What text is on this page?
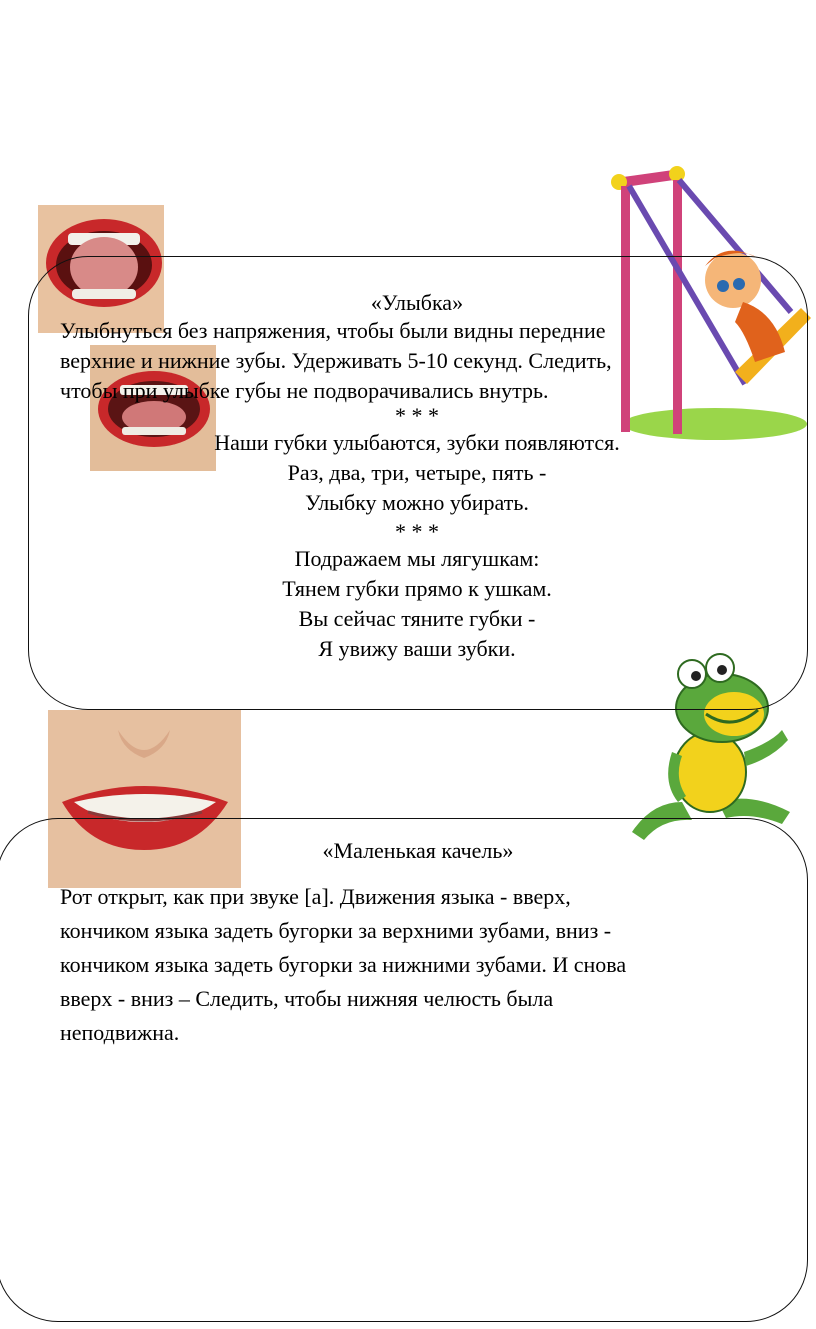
«Улыбка»
Улыбнуться без напряжения, чтобы были видны передние
верхние и нижние зубы. Удерживать 5-10 секунд. Следить,
чтобы при улыбке губы не подворачивались внутрь.
* * *
Наши губки улыбаются, зубки появляются.
Раз, два, три, четыре, пять -
Улыбку можно убирать.
* * *
Подражаем мы лягушкам:
Тянем губки прямо к ушкам.
Вы сейчас тяните губки -
Я увижу ваши зубки.
«Маленькая качель»
Рот открыт, как при звуке [а]. Движения языка - вверх,
кончиком языка задеть бугорки за верхними зубами, вниз -
кончиком языка задеть бугорки за нижними зубами. И снова
вверх - вниз – Следить, чтобы нижняя челюсть была
неподвижна.
